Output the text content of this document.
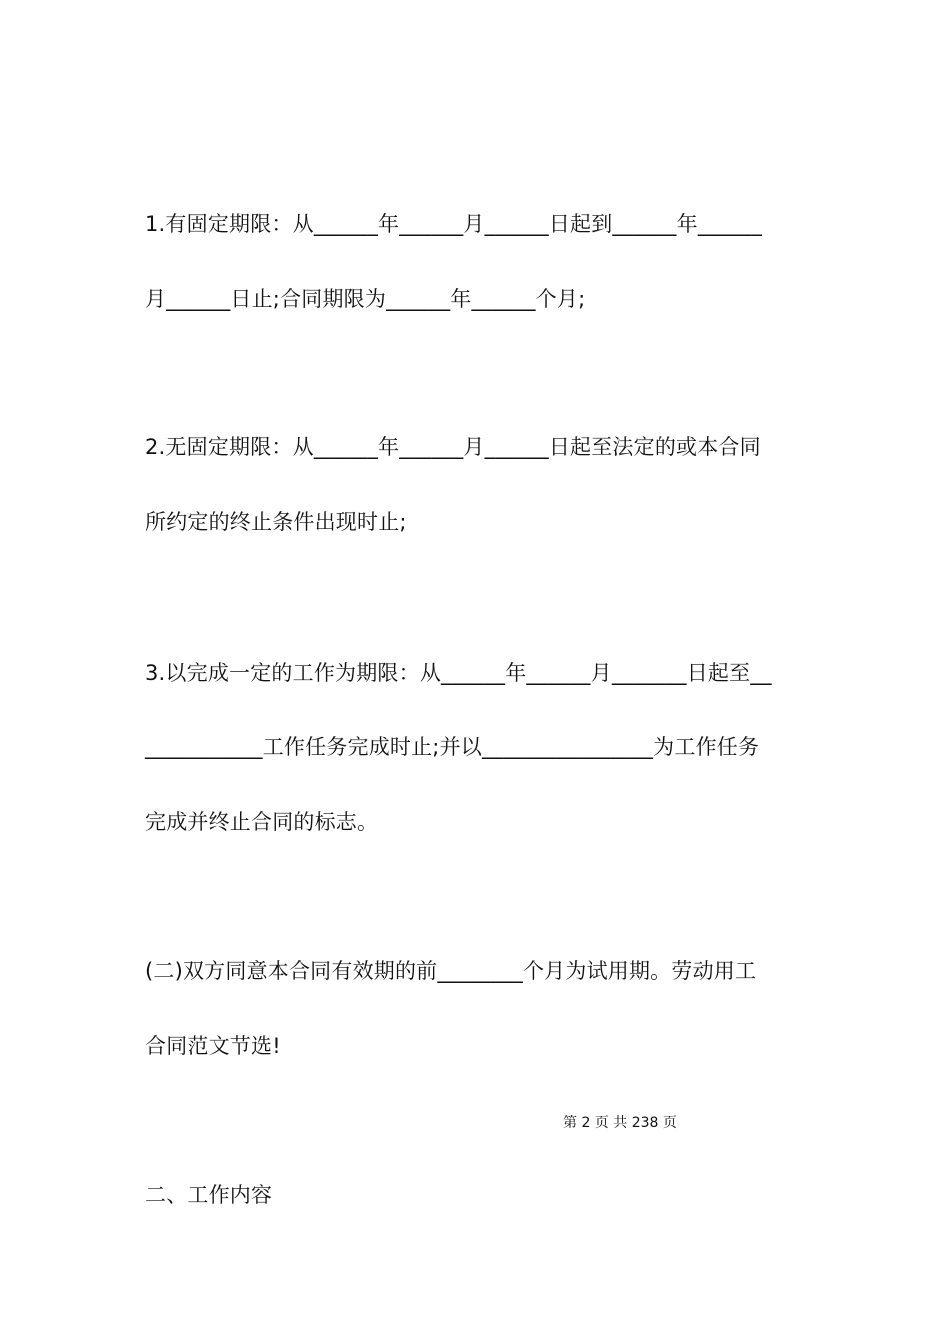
1.有固定期限：从______年______月______日起到______年______
月______日止;合同期限为______年______个月;
2.无固定期限：从______年______月______日起至法定的或本合同
所约定的终止条件出现时止;
3.以完成一定的工作为期限：从______年______月_______日起至__
___________工作任务完成时止;并以________________为工作任务
完成并终止合同的标志。
(二)双方同意本合同有效期的前________个月为试用期。劳动用工
合同范文节选!
第 2 页 共 238 页
二、工作内容
